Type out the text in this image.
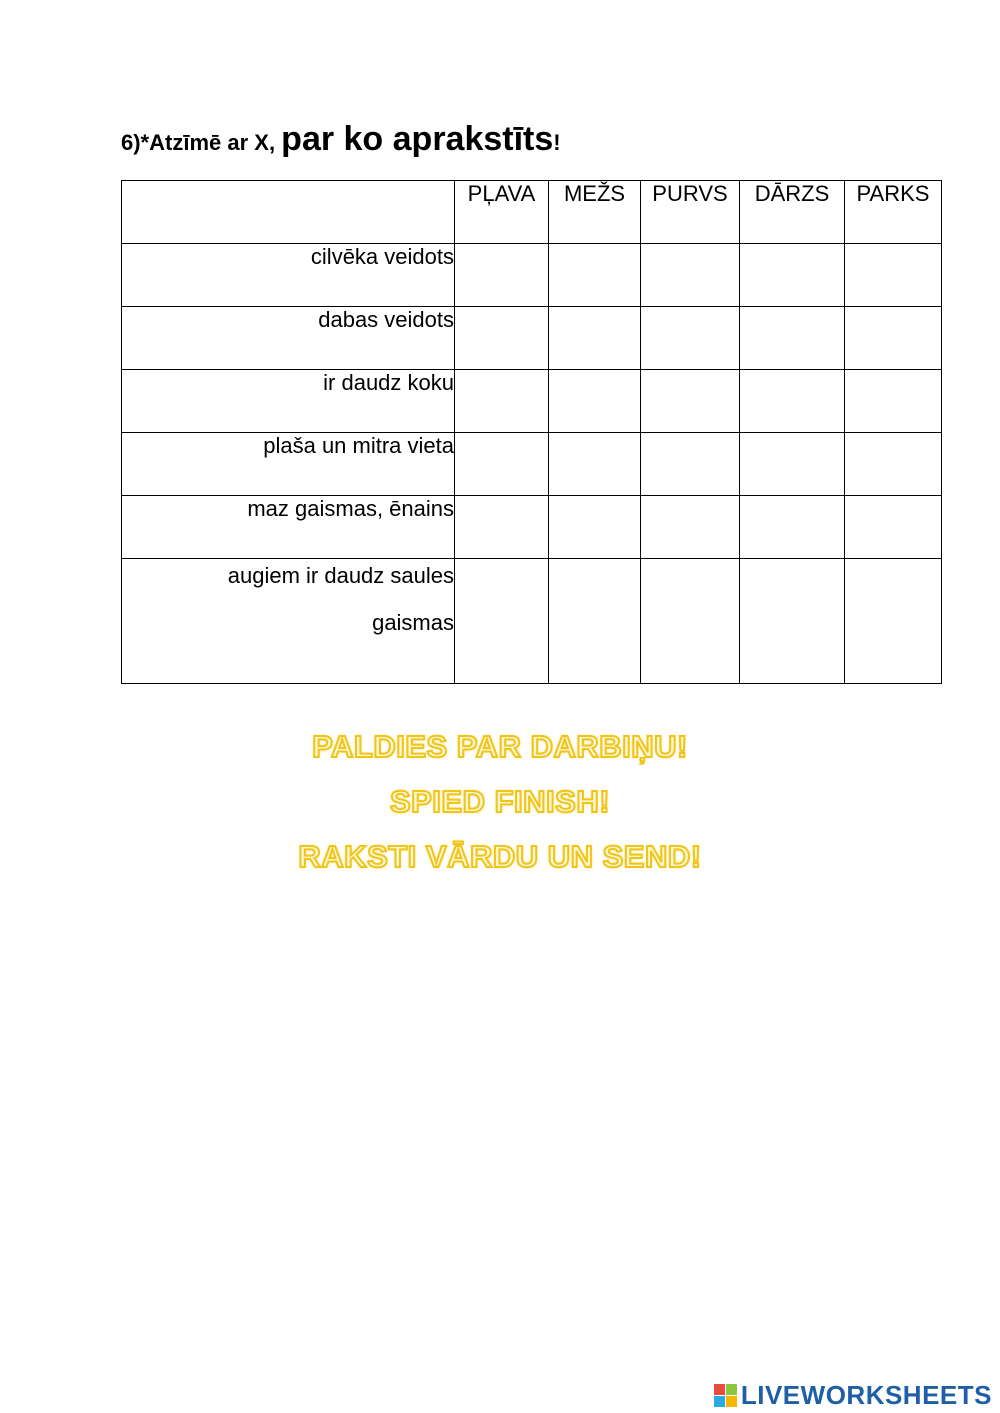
6)*Atzīmē ar X, par ko aprakstīts!
	PĻAVA	MEŽS	PURVS	DĀRZS	PARKS
cilvēka veidots					
dabas veidots					
ir daudz koku					
plaša un mitra vieta					
maz gaismas, ēnains					

augiem ir daudz saules
gaismas					

PALDIES PAR DARBIŅU!
SPIED FINISH!
RAKSTI VĀRDU UN SEND!
LIVEWORKSHEETS
